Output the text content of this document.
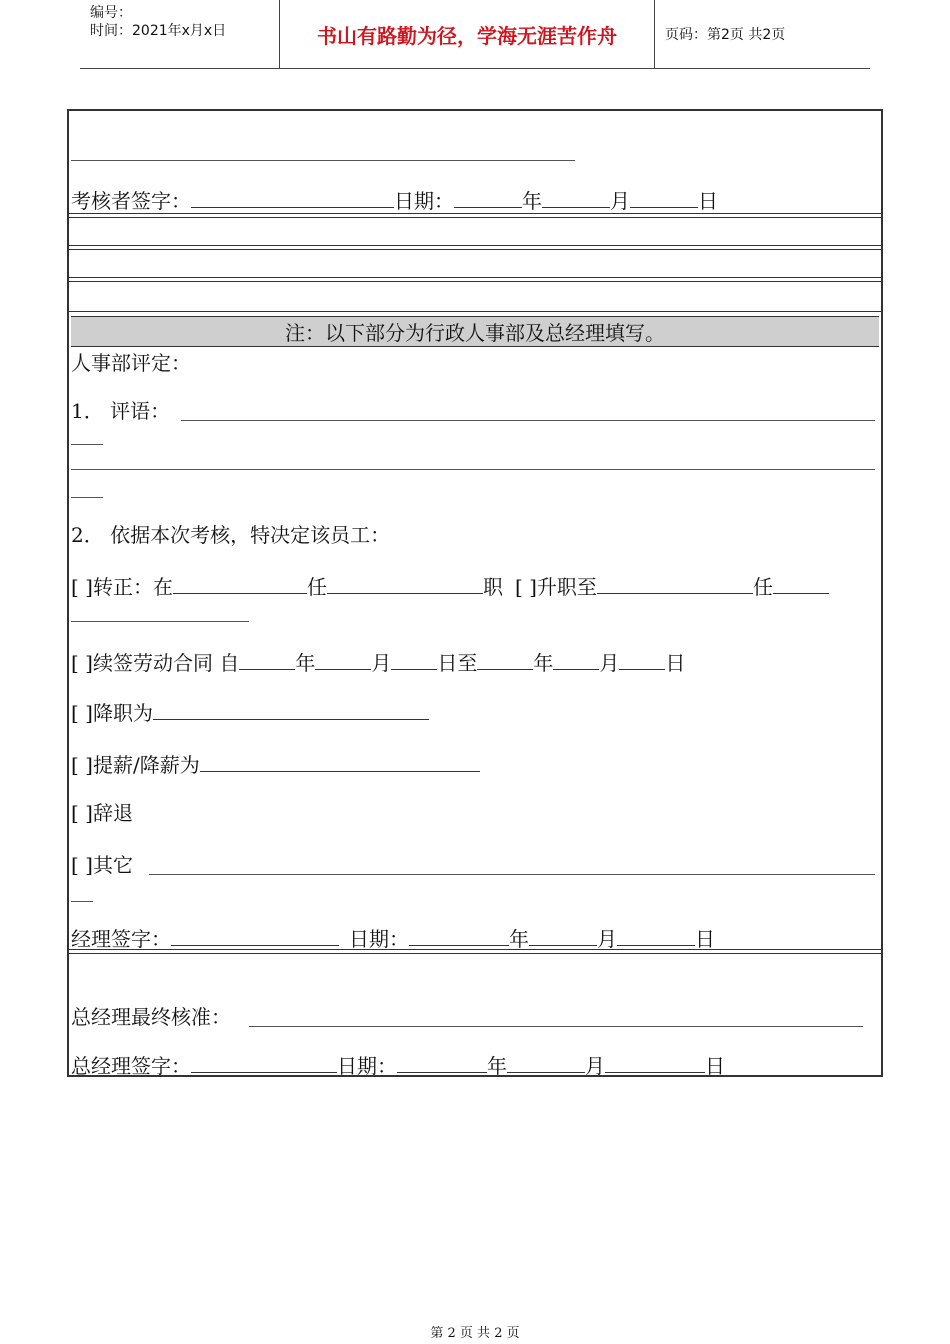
编号：
时间：2021年x月x日	书山有路勤为径，学海无涯苦作舟	页码：第2页 共2页
考核者签字：	日期：	年	月	日
注：以下部分为行政人事部及总经理填写。
人事部评定：
1． 评语：
2． 依据本次考核，特决定该员工：
[ ]转正：在	任	职 [ ]升职至	任
[ ]续签劳动合同 自	年	月 日至	年 月 日
[ ]降职为
[ ]提薪/降薪为
[ ]辞退
[ ]其它
经理签字：	日期：	年	月	日
总经理最终核准：
总经理签字：	日期：	年	月	日
第 2 页 共 2 页
